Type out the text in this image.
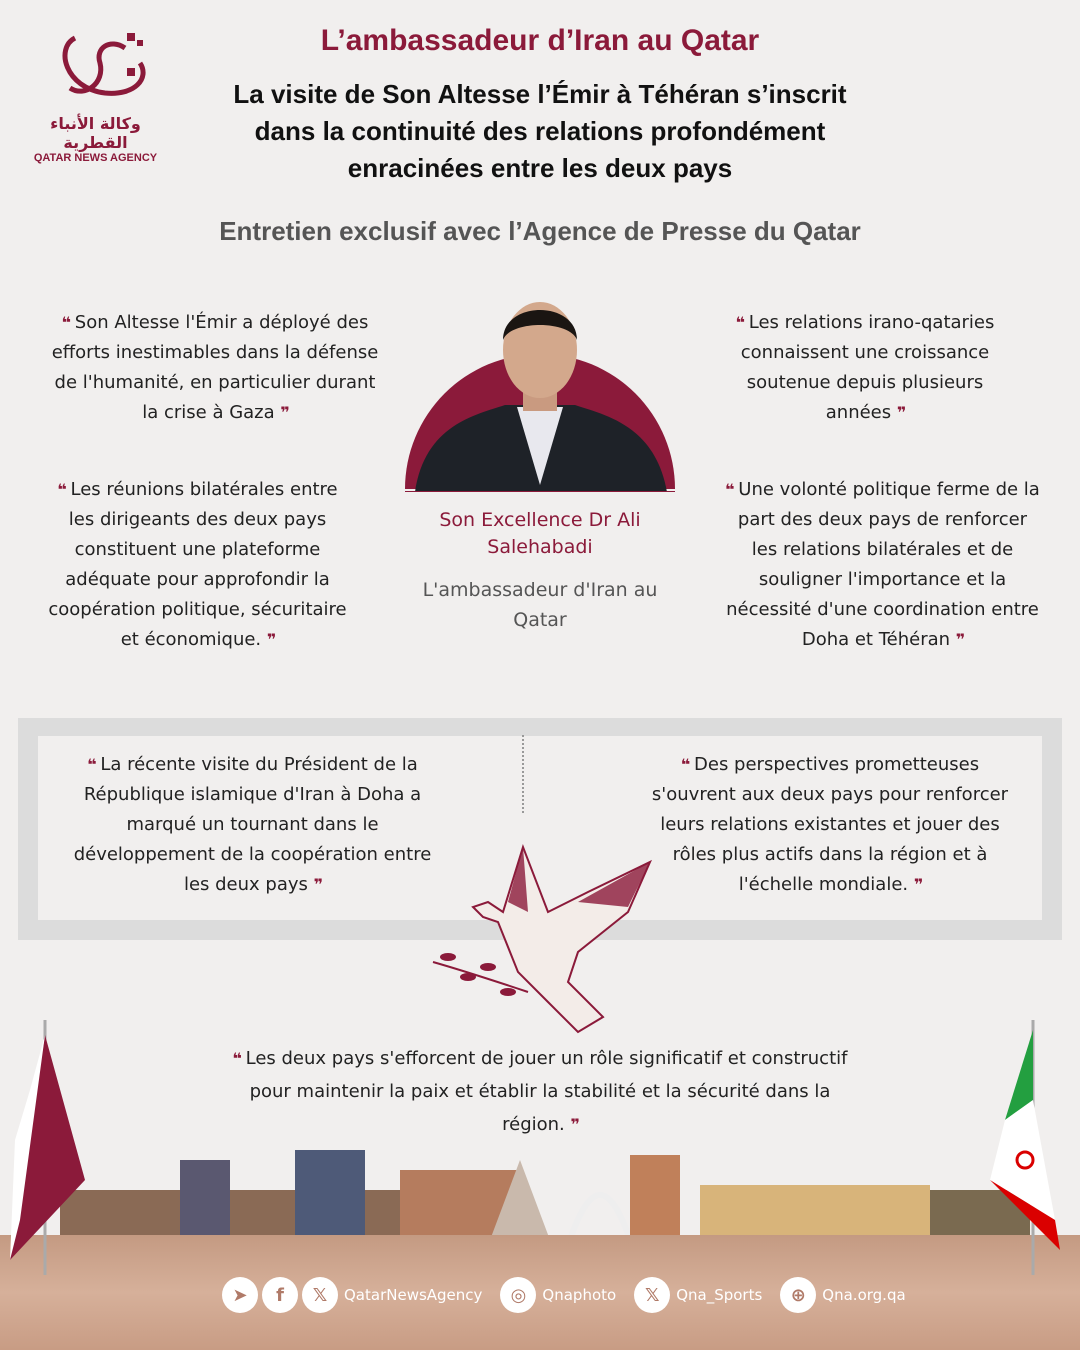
وكالة الأنباء القطرية
QATAR NEWS AGENCY
L’ambassadeur d’Iran au Qatar
La visite de Son Altesse l’Émir à Téhéran s’inscrit dans la continuité des relations profondément enracinées entre les deux pays
Entretien exclusif avec l’Agence de Presse du Qatar
❝ Son Altesse l'Émir a déployé des efforts inestimables dans la défense de l'humanité, en particulier durant la crise à Gaza ❞
❝ Les relations irano-qataries connaissent une croissance soutenue depuis plusieurs années ❞
❝ Les réunions bilatérales entre les dirigeants des deux pays constituent une plateforme adéquate pour approfondir la coopération politique, sécuritaire et économique. ❞
❝ Une volonté politique ferme de la part des deux pays de renforcer les relations bilatérales et de souligner l'importance et la nécessité d'une coordination entre Doha et Téhéran ❞
Son Excellence Dr Ali Salehabadi
L'ambassadeur d'Iran au Qatar
❝ La récente visite du Président de la République islamique d'Iran à Doha a marqué un tournant dans le développement de la coopération entre les deux pays ❞
❝ Des perspectives prometteuses s'ouvrent aux deux pays pour renforcer leurs relations existantes et jouer des rôles plus actifs dans la région et à l'échelle mondiale. ❞
❝ Les deux pays s'efforcent de jouer un rôle significatif et constructif pour maintenir la paix et établir la stabilité et la sécurité dans la région. ❞
➤	f	𝕏	QatarNewsAgency	◎	Qnaphoto	𝕏	Qna_Sports	⊕	Qna.org.qa
